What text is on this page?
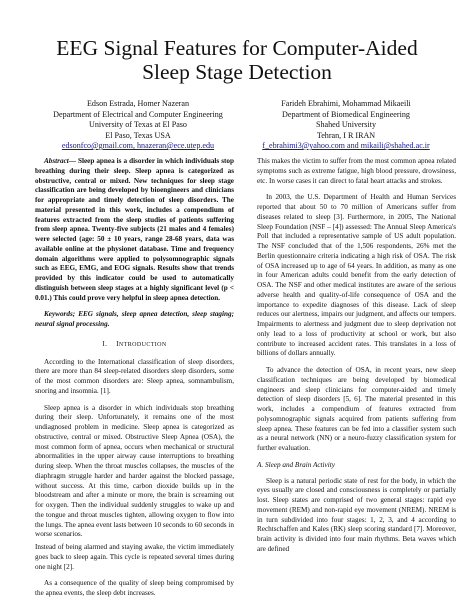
EEG Signal Features for Computer-Aided
Sleep Stage Detection
Edson Estrada, Homer Nazeran
Department of Electrical and Computer Engineering
University of Texas at El Paso
El Paso, Texas USA
edsonfco@gmail.com, hnazeran@ece.utep.edu
Farideh Ebrahimi, Mohammad Mikaeili
Department of Biomedical Engineering
Shahed University
Tehran, I R IRAN
f_ebrahimi3@yahoo.com and mikaili@shahed.ac.ir

Abstract— Sleep apnea is a disorder in which individuals stop breathing during their sleep. Sleep apnea is categorized as obstructive, central or mixed. New techniques for sleep stage classification are being developed by bioengineers and clinicians for appropriate and timely detection of sleep disorders. The material presented in this work, includes a compendium of features extracted from the sleep studies of patients suffering from sleep apnea. Twenty-five subjects (21 males and 4 females) were selected (age: 50 ± 10 years, range 28-68 years, data was available online at the physionet database. Time and frequency domain algorithms were applied to polysomnographic signals such as EEG, EMG, and EOG signals. Results show that trends provided by this indicator could be used to automatically distinguish between sleep stages at a highly significant level (p < 0.01.) This could prove very helpful in sleep apnea detection.

Keywords; EEG signals, sleep apnea detection, sleep staging; neural signal processing.

I. INTRODUCTION

According to the International classification of sleep disorders, there are more than 84 sleep-related disorders sleep disorders, some of the most common disorders are: Sleep apnea, somnambulism, snoring and insomnia. [1].

Sleep apnea is a disorder in which individuals stop breathing during their sleep. Unfortunately, it remains one of the most undiagnosed problem in medicine. Sleep apnea is categorized as obstructive, central or mixed. Obstructive Sleep Apnea (OSA), the most common form of apnea, occurs when mechanical or structural abnormalities in the upper airway cause interruptions to breathing during sleep. When the throat muscles collapses, the muscles of the diaphragm struggle harder and harder against the blocked passage, without success. At this time, carbon dioxide builds up in the bloodstream and after a minute or more, the brain is screaming out for oxygen. Then the individual suddenly struggles to wake up and the tongue and throat muscles tighten, allowing oxygen to flow into the lungs. The apnea event lasts between 10 seconds to 60 seconds in worse scenarios.

Instead of being alarmed and staying awake, the victim immediately goes back to sleep again. This cycle is repeated several times during one night [2].

As a consequence of the quality of sleep being compromised by the apnea events, the sleep debt increases.

This makes the victim to suffer from the most common apnea related symptoms such as extreme fatigue, high blood pressure, drowsiness, etc. In worse cases it can direct to fatal heart attacks and strokes.

In 2003, the U.S. Department of Health and Human Services reported that about 50 to 70 million of Americans suffer from diseases related to sleep [3]. Furthermore, in 2005, The National Sleep Foundation (NSF – [4]) assessed: The Annual Sleep America's Poll that included a representative sample of US adult population. The NSF concluded that of the 1,506 respondents, 26% met the Berlin questionnaire criteria indicating a high risk of OSA. The risk of OSA increased up to age of 64 years. In addition, as many as one in four American adults could benefit from the early detection of OSA. The NSF and other medical institutes are aware of the serious adverse health and quality-of-life consequence of OSA and the importance to expedite diagnoses of this disease. Lack of sleep reduces our alertness, impairs our judgment, and affects our tempers. Impairments to alertness and judgment due to sleep deprivation not only lead to a loss of productivity at school or work, but also contribute to increased accident rates. This translates in a loss of billions of dollars annually.

To advance the detection of OSA, in recent years, new sleep classification techniques are being developed by biomedical engineers and sleep clinicians for computer-aided and timely detection of sleep disorders [5, 6]. The material presented in this work, includes a compendium of features extracted from polysomnographic signals acquired from patients suffering from sleep apnea. These features can be fed into a classifier system such as a neural network (NN) or a neuro-fuzzy classification system for further evaluation.

A. Sleep and Brain Activity

Sleep is a natural periodic state of rest for the body, in which the eyes usually are closed and consciousness is completely or partially lost. Sleep states are comprised of two general stages: rapid eye movement (REM) and non-rapid eye movement (NREM). NREM is in turn subdivided into four stages: 1, 2, 3, and 4 according to Rechtschaffen and Kales (RK) sleep scoring standard [7]. Moreover, brain activity is divided into four main rhythms. Beta waves which are defined
